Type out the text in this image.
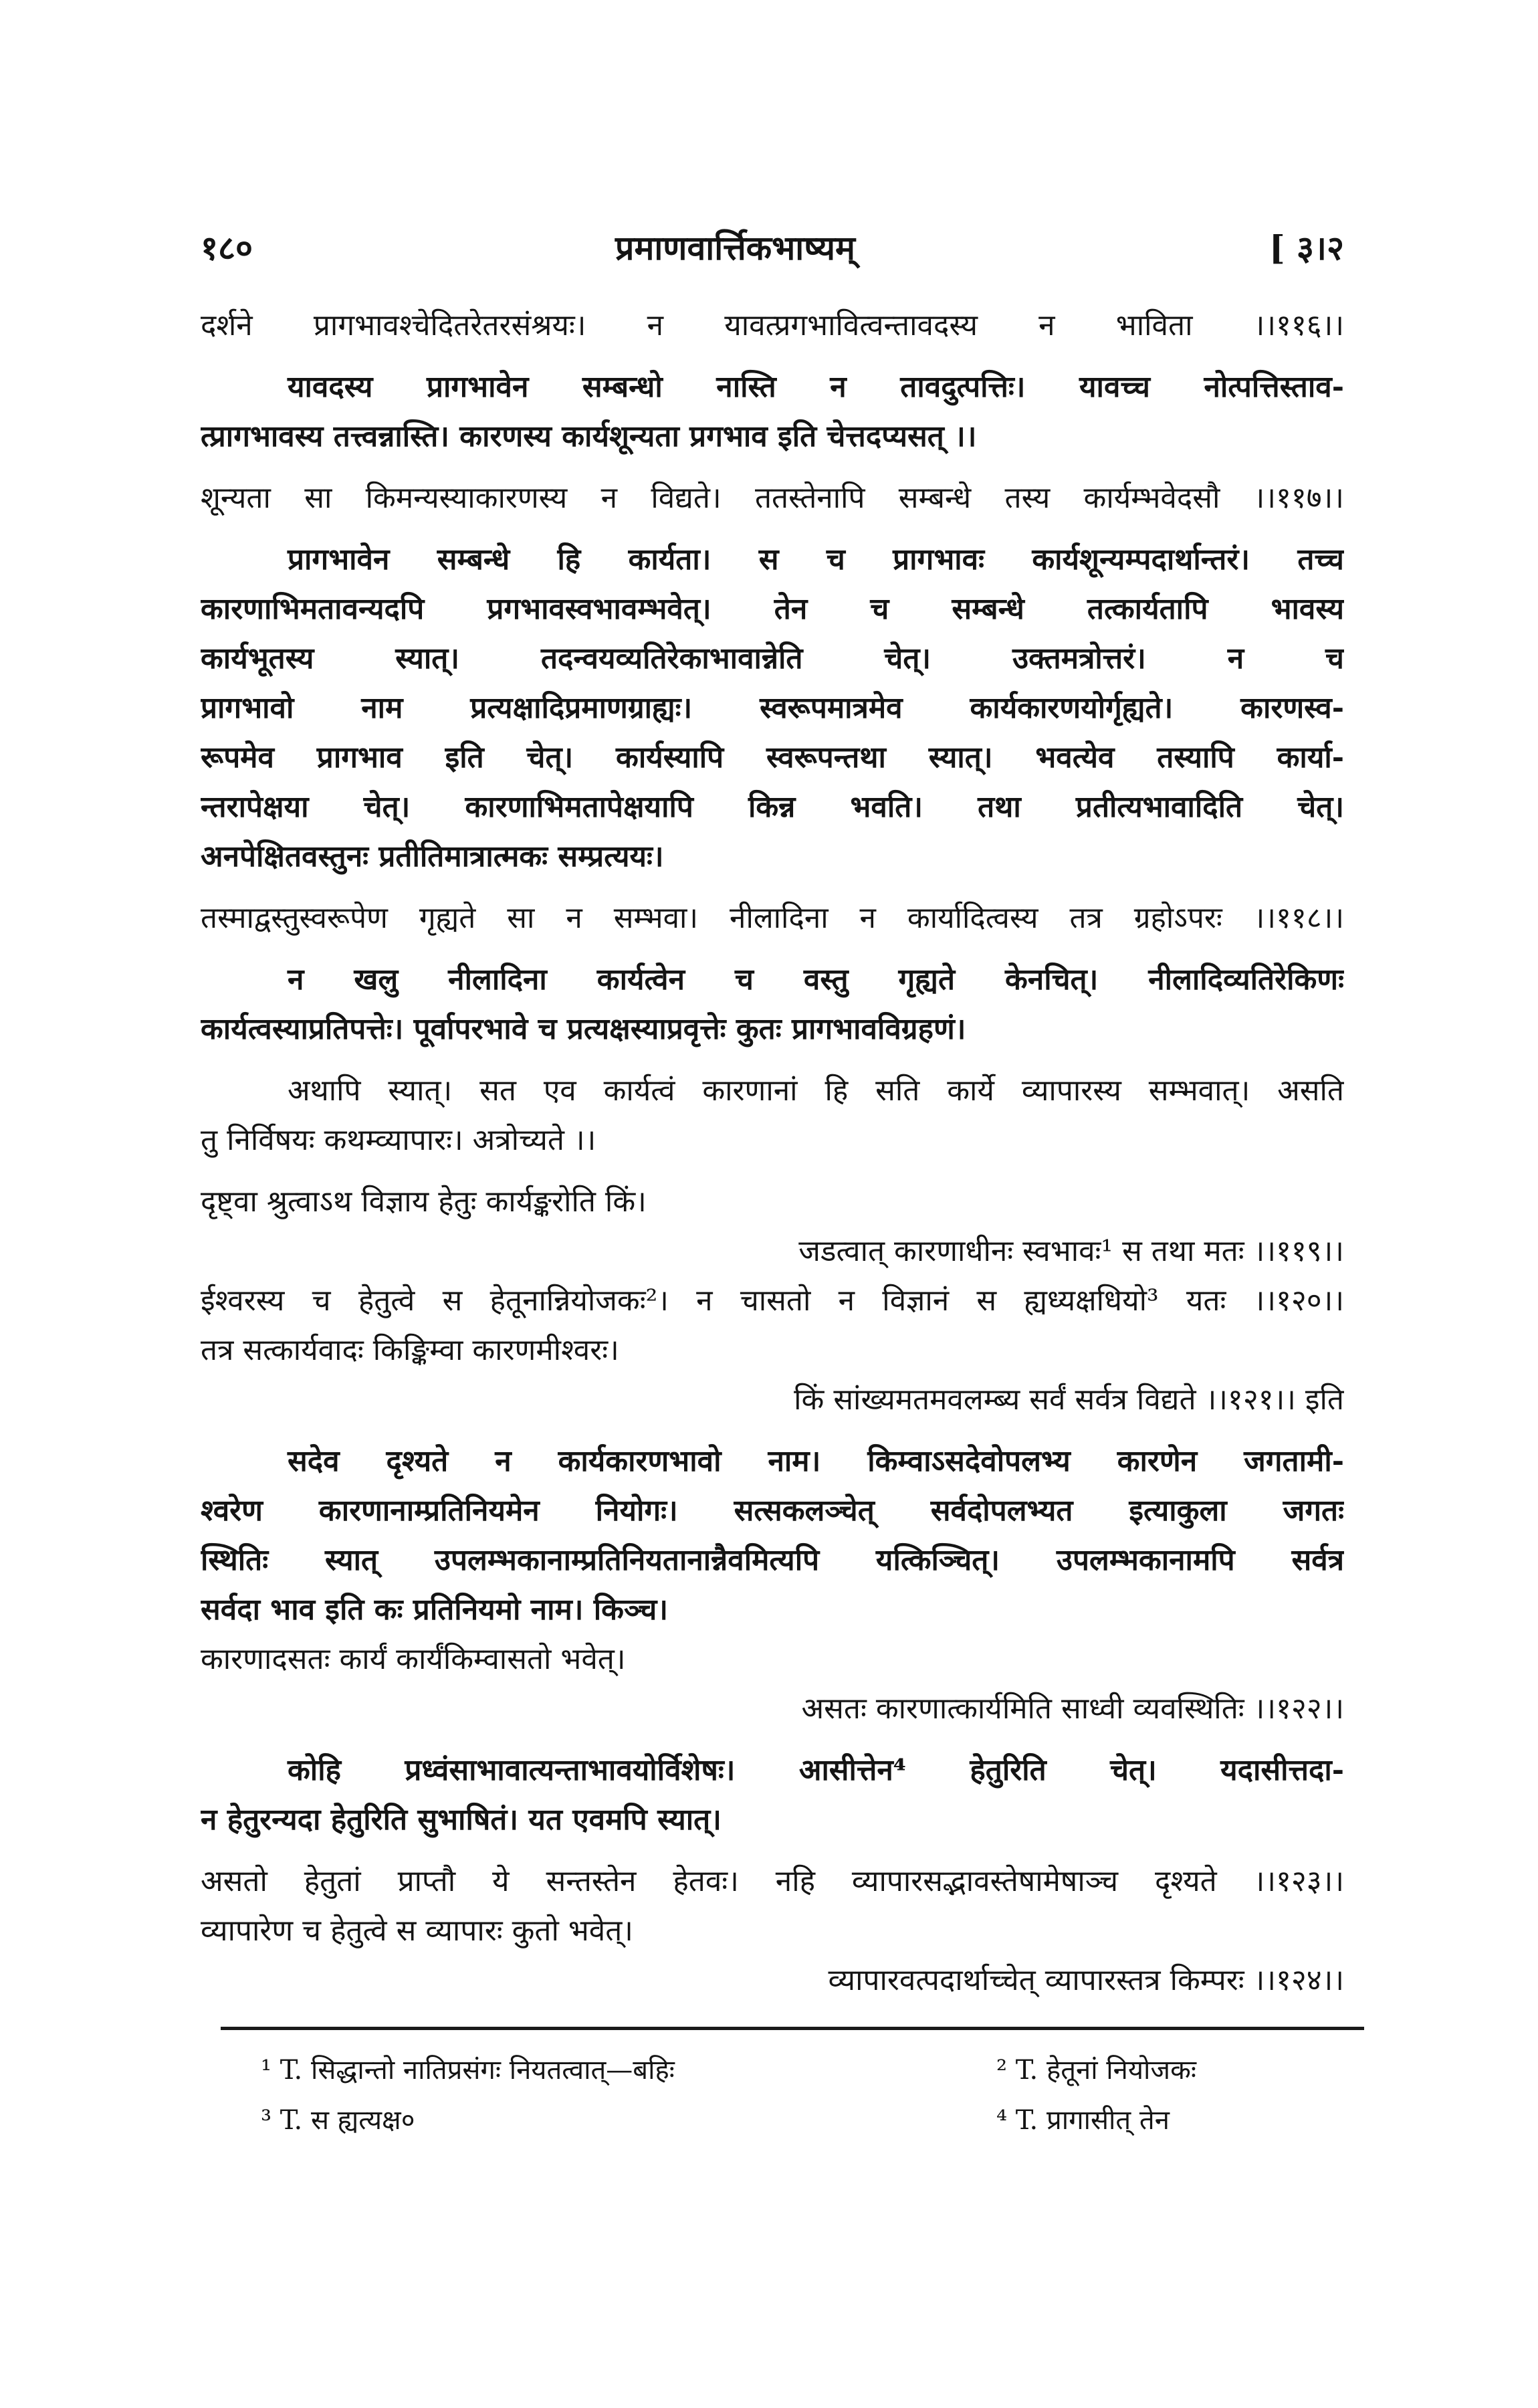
१८०	प्रमाणवार्त्तिकभाष्यम्	[ ३।२
दर्शने प्रागभावश्चेदितरेतरसंश्रयः। न यावत्प्रगभावित्वन्तावदस्य न भाविता ।।११६।।
यावदस्य प्रागभावेन सम्बन्धो नास्ति न तावदुत्पत्तिः। यावच्च नोत्पत्तिस्ताव-
त्प्रागभावस्य तत्त्वन्नास्ति। कारणस्य कार्यशून्यता प्रगभाव इति चेत्तदप्यसत् ।।
शून्यता सा किमन्यस्याकारणस्य न विद्यते। ततस्तेनापि सम्बन्धे तस्य कार्यम्भवेदसौ ।।११७।।
प्रागभावेन सम्बन्धे हि कार्यता। स च प्रागभावः कार्यशून्यम्पदार्थान्तरं। तच्च
कारणाभिमतावन्यदपि प्रगभावस्वभावम्भवेत्। तेन च सम्बन्धे तत्कार्यतापि भावस्य
कार्यभूतस्य स्यात्। तदन्वयव्यतिरेकाभावान्नेति चेत्। उक्तमत्रोत्तरं। न च
प्रागभावो नाम प्रत्यक्षादिप्रमाणग्राह्यः। स्वरूपमात्रमेव कार्यकारणयोर्गृह्यते। कारणस्व-
रूपमेव प्रागभाव इति चेत्। कार्यस्यापि स्वरूपन्तथा स्यात्। भवत्येव तस्यापि कार्या-
न्तरापेक्षया चेत्। कारणाभिमतापेक्षयापि किन्न भवति। तथा प्रतीत्यभावादिति चेत्।
अनपेक्षितवस्तुनः प्रतीतिमात्रात्मकः सम्प्रत्ययः।
तस्माद्वस्तुस्वरूपेण गृह्यते सा न सम्भवा। नीलादिना न कार्यादित्वस्य तत्र ग्रहोऽपरः ।।११८।।
न खलु नीलादिना कार्यत्वेन च वस्तु गृह्यते केनचित्। नीलादिव्यतिरेकिणः
कार्यत्वस्याप्रतिपत्तेः। पूर्वापरभावे च प्रत्यक्षस्याप्रवृत्तेः कुतः प्रागभावविग्रहणं।
अथापि स्यात्। सत एव कार्यत्वं कारणानां हि सति कार्ये व्यापारस्य सम्भवात्। असति
तु निर्विषयः कथम्व्यापारः। अत्रोच्यते ।।
दृष्ट्वा श्रुत्वाऽथ विज्ञाय हेतुः कार्यङ्करोति किं।
जडत्वात् कारणाधीनः स्वभावः¹ स तथा मतः ।।११९।।
ईश्वरस्य च हेतुत्वे स हेतूनान्नियोजकः²। न चासतो न विज्ञानं स ह्यध्यक्षधियो³ यतः ।।१२०।।
तत्र सत्कार्यवादः किङ्किम्वा कारणमीश्वरः।
किं सांख्यमतमवलम्ब्य सर्वं सर्वत्र विद्यते ।।१२१।। इति
सदेव दृश्यते न कार्यकारणभावो नाम। किम्वाऽसदेवोपलभ्य कारणेन जगतामी-
श्वरेण कारणानाम्प्रतिनियमेन नियोगः। सत्सकलञ्चेत् सर्वदोपलभ्यत इत्याकुला जगतः
स्थितिः स्यात् उपलम्भकानाम्प्रतिनियतानान्नैवमित्यपि यत्किञ्चित्। उपलम्भकानामपि सर्वत्र
सर्वदा भाव इति कः प्रतिनियमो नाम। किञ्च।
कारणादसतः कार्यं कार्यंकिम्वासतो भवेत्।
असतः कारणात्कार्यमिति साध्वी व्यवस्थितिः ।।१२२।।
कोहि प्रध्वंसाभावात्यन्ताभावयोर्विशेषः। आसीत्तेन⁴ हेतुरिति चेत्। यदासीत्तदा-
न हेतुरन्यदा हेतुरिति सुभाषितं। यत एवमपि स्यात्।
असतो हेतुतां प्राप्तौ ये सन्तस्तेन हेतवः। नहि व्यापारसद्भावस्तेषामेषाञ्च दृश्यते ।।१२३।।
व्यापारेण च हेतुत्वे स व्यापारः कुतो भवेत्।
व्यापारवत्पदार्थाच्चेत् व्यापारस्तत्र किम्परः ।।१२४।।
¹ T. सिद्धान्तो नातिप्रसंगः नियतत्वात्—बहिः	² T. हेतूनां नियोजकः
³ T. स ह्यत्यक्ष०	⁴ T. प्रागासीत् तेन
